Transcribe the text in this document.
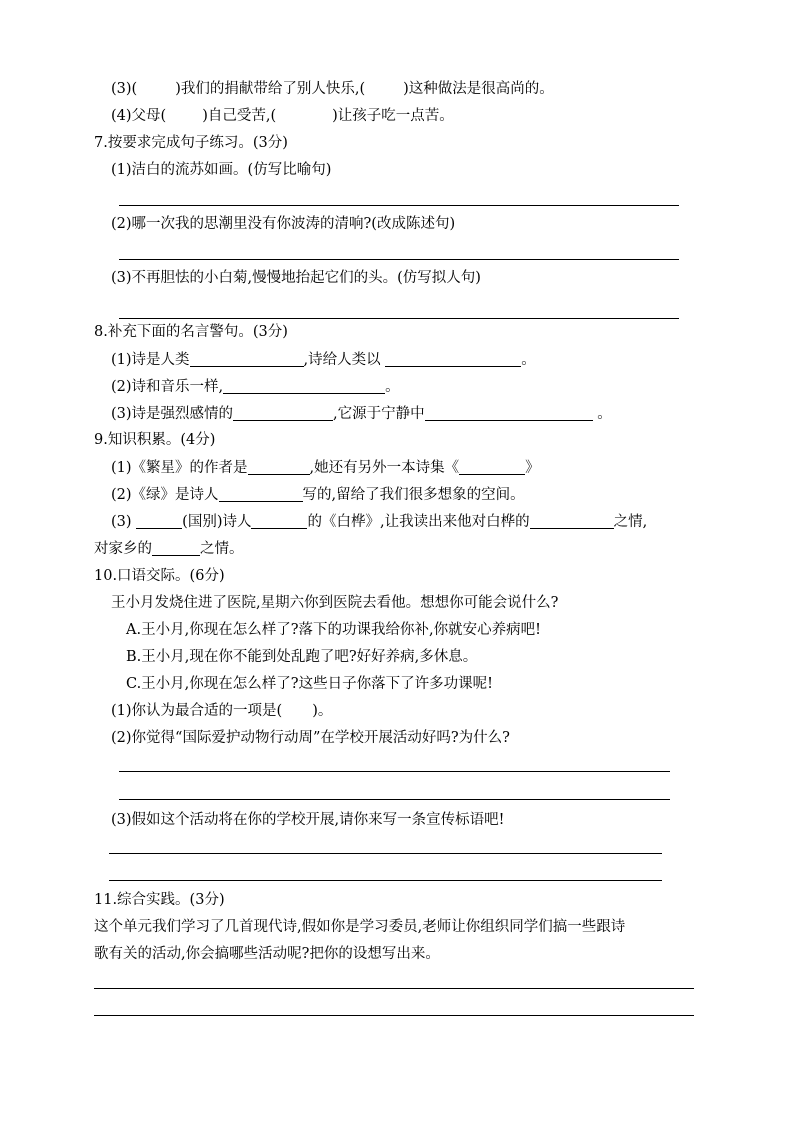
(3)(	)我们的捐献带给了别人快乐,(	)这种做法是很高尚的。
(4)父母( )自己受苦,(	)让孩子吃一点苦。
7.按要求完成句子练习。(3分)
(1)洁白的流苏如画。(仿写比喻句)
(2)哪一次我的思潮里没有你波涛的清响?(改成陈述句)
(3)不再胆怯的小白菊,慢慢地抬起它们的头。(仿写拟人句)
8.补充下面的名言警句。(3分)
(1)诗是人类	,诗给人类以	。
(2)诗和音乐一样,	。
(3)诗是强烈感情的	,它源于宁静中	。
9.知识积累。(4分)
(1)《繁星》的作者是	,她还有另外一本诗集《	》
(2)《绿》是诗人	写的,留给了我们很多想象的空间。
(3)	(国别)诗人	的《白桦》,让我读出来他对白桦的	之情,
对家乡的	之情。
10.口语交际。(6分)
王小月发烧住进了医院,星期六你到医院去看他。想想你可能会说什么?
A.王小月,你现在怎么样了?落下的功课我给你补,你就安心养病吧!
B.王小月,现在你不能到处乱跑了吧?好好养病,多休息。
C.王小月,你现在怎么样了?这些日子你落下了许多功课呢!
(1)你认为最合适的一项是( )。
(2)你觉得“国际爱护动物行动周”在学校开展活动好吗?为什么?
(3)假如这个活动将在你的学校开展,请你来写一条宣传标语吧!
11.综合实践。(3分)
这个单元我们学习了几首现代诗,假如你是学习委员,老师让你组织同学们搞一些跟诗
歌有关的活动,你会搞哪些活动呢?把你的设想写出来。
